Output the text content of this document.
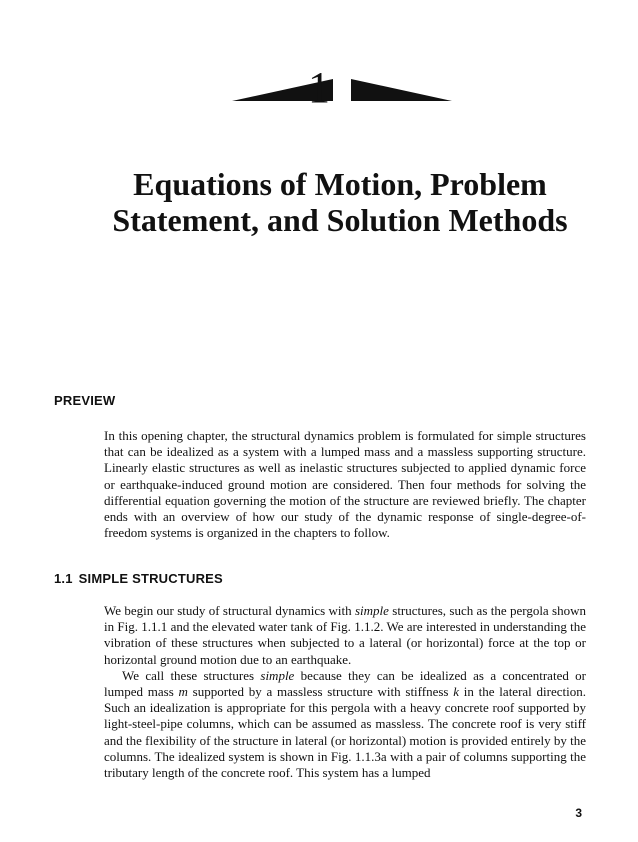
1
Equations of Motion, Problem
Statement, and Solution Methods
PREVIEW

In this opening chapter, the structural dynamics problem is formulated for simple structures that can be idealized as a system with a lumped mass and a massless supporting structure. Linearly elastic structures as well as inelastic structures subjected to applied dynamic force or earthquake-induced ground motion are considered. Then four methods for solving the differential equation governing the motion of the structure are reviewed briefly. The chapter ends with an overview of how our study of the dynamic response of single-degree-of-freedom systems is organized in the chapters to follow.

1.1 SIMPLE STRUCTURES

We begin our study of structural dynamics with simple structures, such as the pergola shown in Fig. 1.1.1 and the elevated water tank of Fig. 1.1.2. We are interested in understanding the vibration of these structures when subjected to a lateral (or horizontal) force at the top or horizontal ground motion due to an earthquake.

We call these structures simple because they can be idealized as a concentrated or lumped mass m supported by a massless structure with stiffness k in the lateral direction. Such an idealization is appropriate for this pergola with a heavy concrete roof supported by light-steel-pipe columns, which can be assumed as massless. The concrete roof is very stiff and the flexibility of the structure in lateral (or horizontal) motion is provided entirely by the columns. The idealized system is shown in Fig. 1.1.3a with a pair of columns supporting the tributary length of the concrete roof. This system has a lumped

3
